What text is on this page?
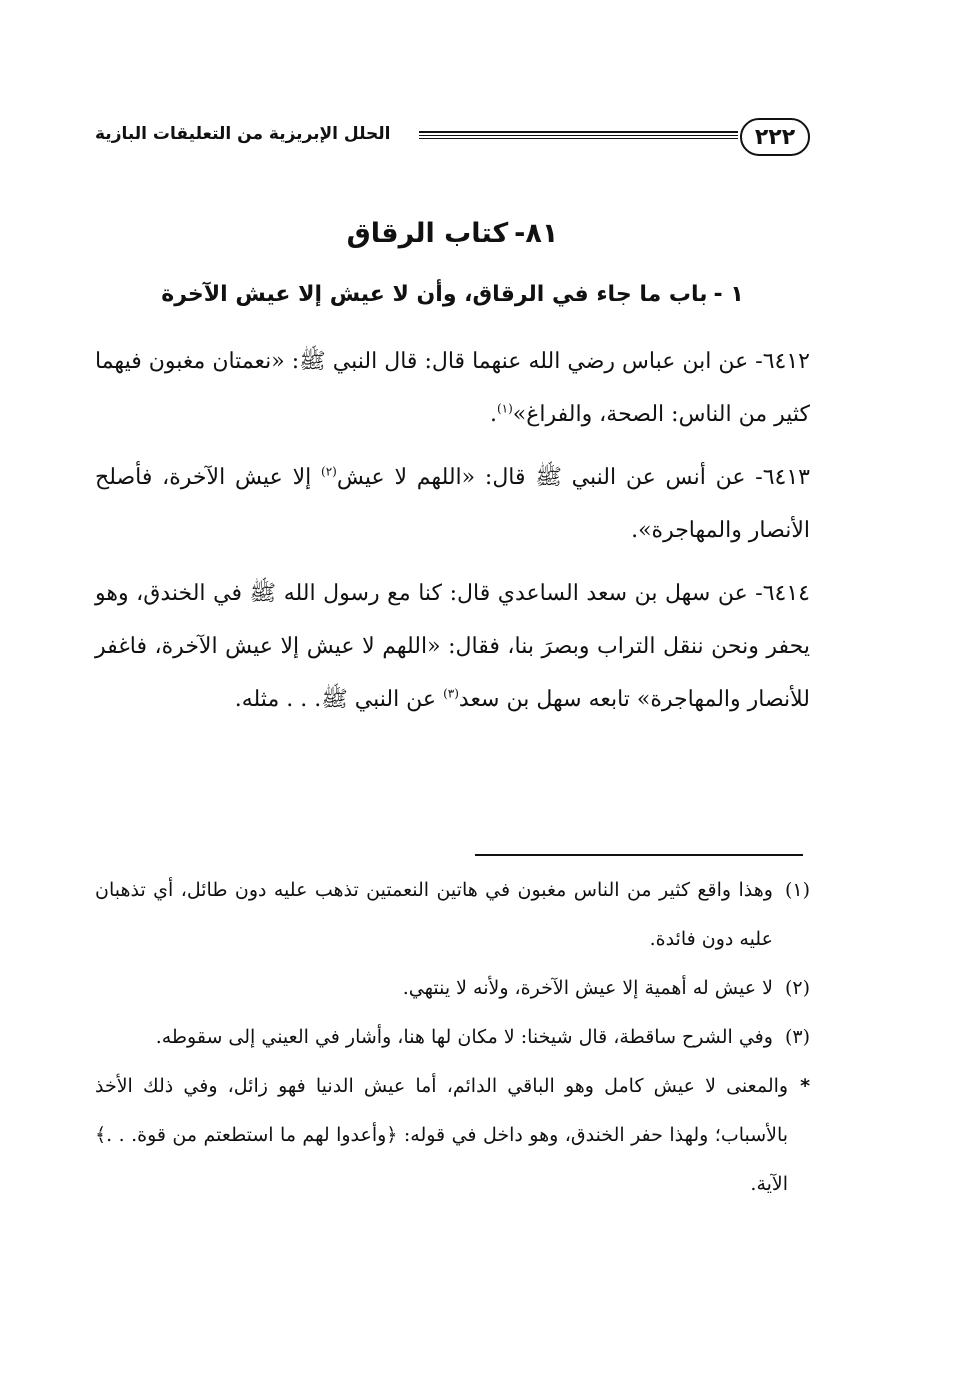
الحلل الإبريزية من التعليقات البازية	٢٢٢
٨١-كتاب الرقاق
١ -باب ما جاء في الرقاق، وأن لا عيش إلا عيش الآخرة

٦٤١٢- عن ابن عباس رضي الله عنهما قال: قال النبي ﷺ: «نعمتان مغبون فيهما كثير من الناس: الصحة، والفراغ»$^{(١)}$.

٦٤١٣- عن أنس عن النبي ﷺ قال: «اللهم لا عيش$^{(٢)}$ إلا عيش الآخرة، فأصلح الأنصار والمهاجرة».

٦٤١٤- عن سهل بن سعد الساعدي قال: كنا مع رسول الله ﷺ في الخندق، وهو يحفر ونحن ننقل التراب وبصرَ بنا، فقال: «اللهم لا عيش إلا عيش الآخرة، فاغفر للأنصار والمهاجرة» تابعه سهل بن سعد$^{(٣)}$ عن النبي ﷺ. . . مثله.

(١)
وهذا واقع كثير من الناس مغبون في هاتين النعمتين تذهب عليه دون طائل، أي تذهبان عليه دون فائدة.
(٢)
لا عيش له أهمية إلا عيش الآخرة، ولأنه لا ينتهي.
(٣)
وفي الشرح ساقطة، قال شيخنا: لا مكان لها هنا، وأشار في العيني إلى سقوطه.
*
والمعنى لا عيش كامل وهو الباقي الدائم، أما عيش الدنيا فهو زائل، وفي ذلك الأخذ بالأسباب؛ ولهذا حفر الخندق، وهو داخل في قوله: ﴿وأعدوا لهم ما استطعتم من قوة. . .﴾ الآية.
